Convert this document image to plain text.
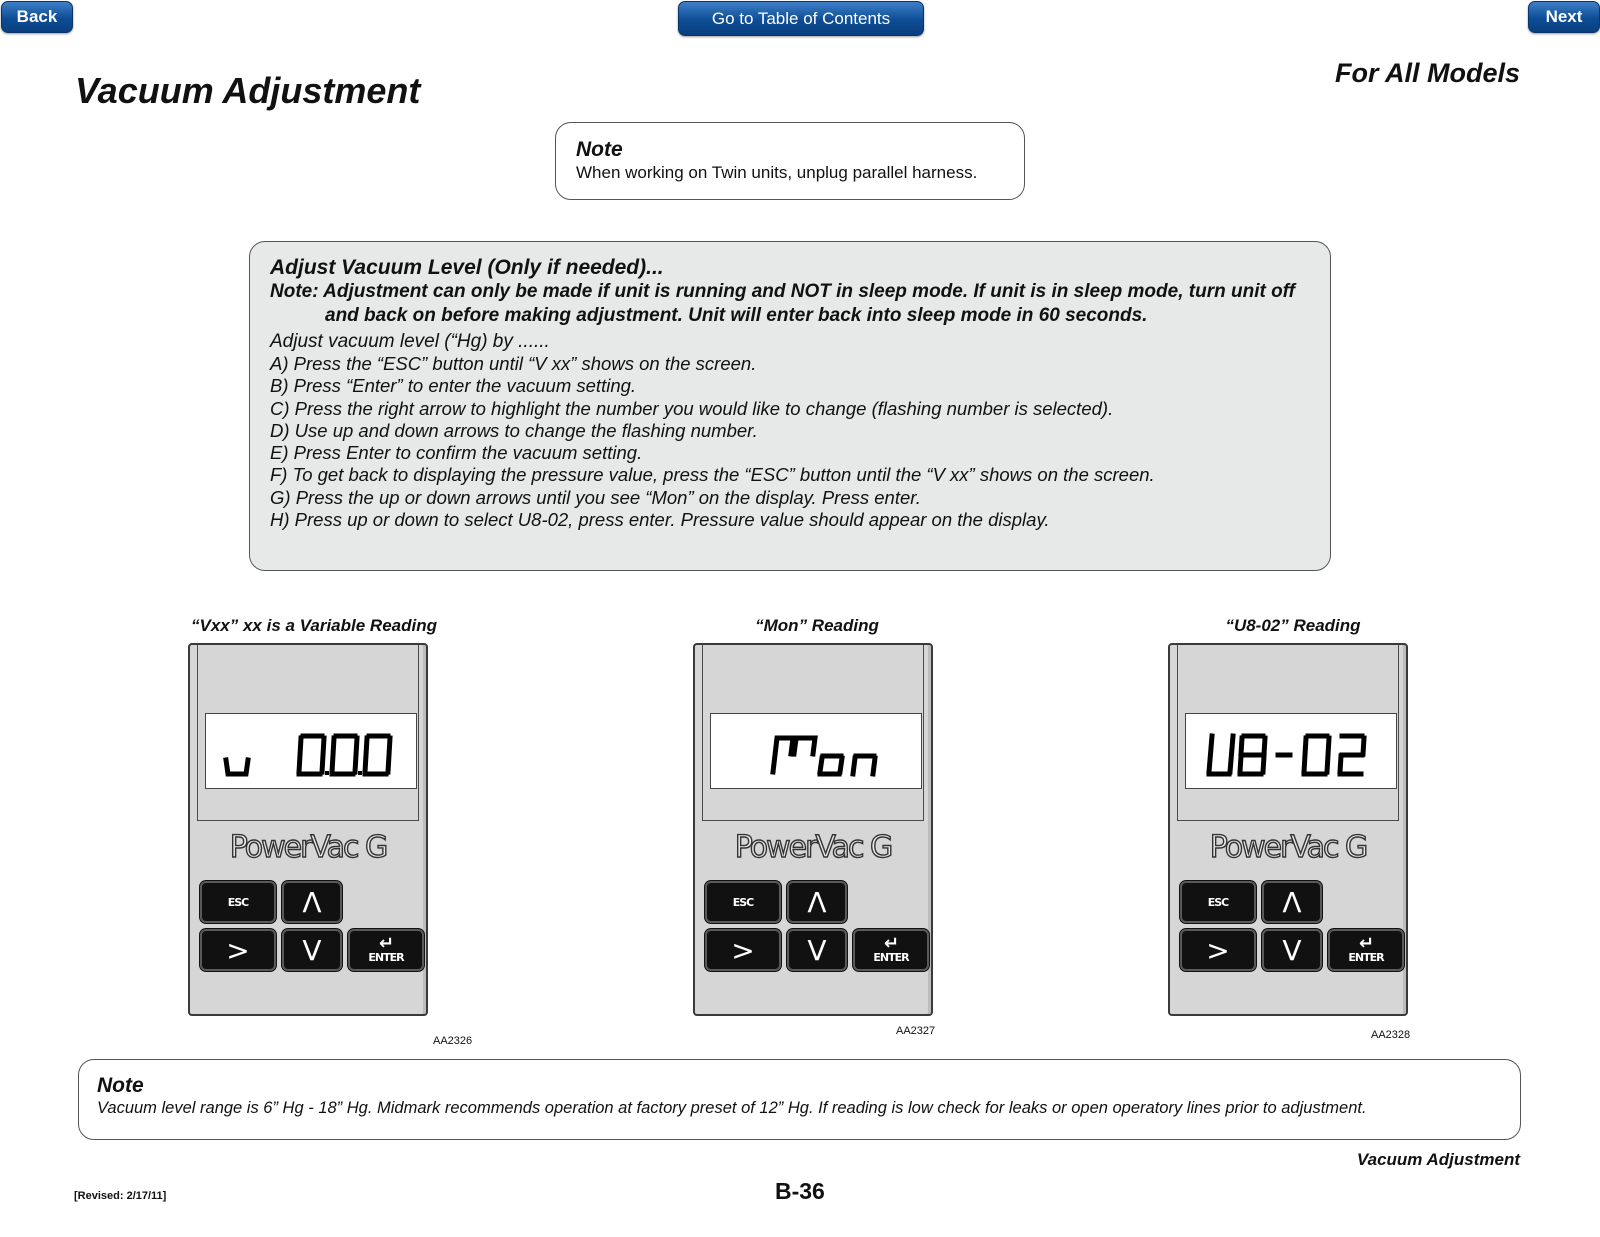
Back	Go to Table of Contents	Next
Vacuum Adjustment	For All Models
Note
When working on Twin units, unplug parallel harness.
Adjust Vacuum Level (Only if needed)...
Note: Adjustment can only be made if unit is running and NOT in sleep mode. If unit is in sleep mode, turn unit off and back on before making adjustment. Unit will enter back into sleep mode in 60 seconds.
Adjust vacuum level (“Hg) by ......
A) Press the “ESC” button until “V xx” shows on the screen.
B) Press “Enter” to enter the vacuum setting.
C) Press the right arrow to highlight the number you would like to change (flashing number is selected).
D) Use up and down arrows to change the flashing number.
E) Press Enter to confirm the vacuum setting.
F) To get back to displaying the pressure value, press the “ESC” button until the “V xx” shows on the screen.
G) Press the up or down arrows until you see “Mon” on the display. Press enter.
H) Press up or down to select U8-02, press enter. Pressure value should appear on the display.
“Vxx” xx is a Variable Reading
PowerVac G
ESC	Λ
>	V	↵
ENTER
AA2326
“Mon” Reading
PowerVac G
ESC	Λ
>	V	↵
ENTER
AA2327
“U8-02” Reading
PowerVac G
ESC	Λ
>	V	↵
ENTER
AA2328
Note
Vacuum level range is 6” Hg - 18” Hg. Midmark recommends operation at factory preset of 12” Hg. If reading is low check for leaks or open operatory lines prior to adjustment.
Vacuum Adjustment
[Revised: 2/17/11]	B-36
